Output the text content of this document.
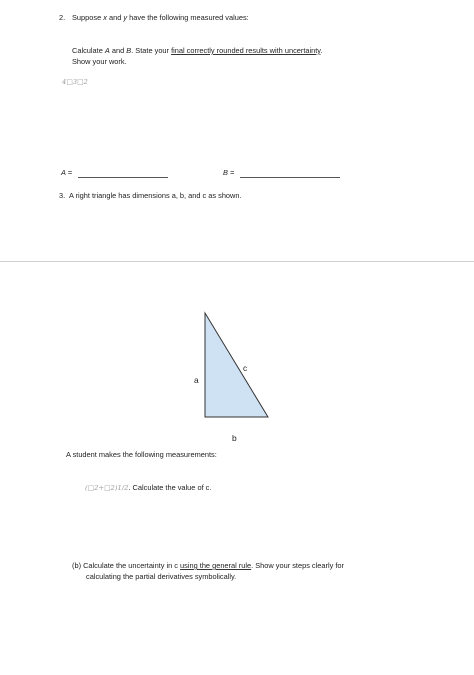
2. Suppose x and y have the following measured values:
Calculate A and B. State your final correctly rounded results with uncertainty.
Show your work.
4□3□2
A =	B =
3. A right triangle has dimensions a, b, and c as shown.
a
c
b
A student makes the following measurements:
(□2+□2)1/2. Calculate the value of c.
(b) Calculate the uncertainty in c using the general rule. Show your steps clearly for
calculating the partial derivatives symbolically.
